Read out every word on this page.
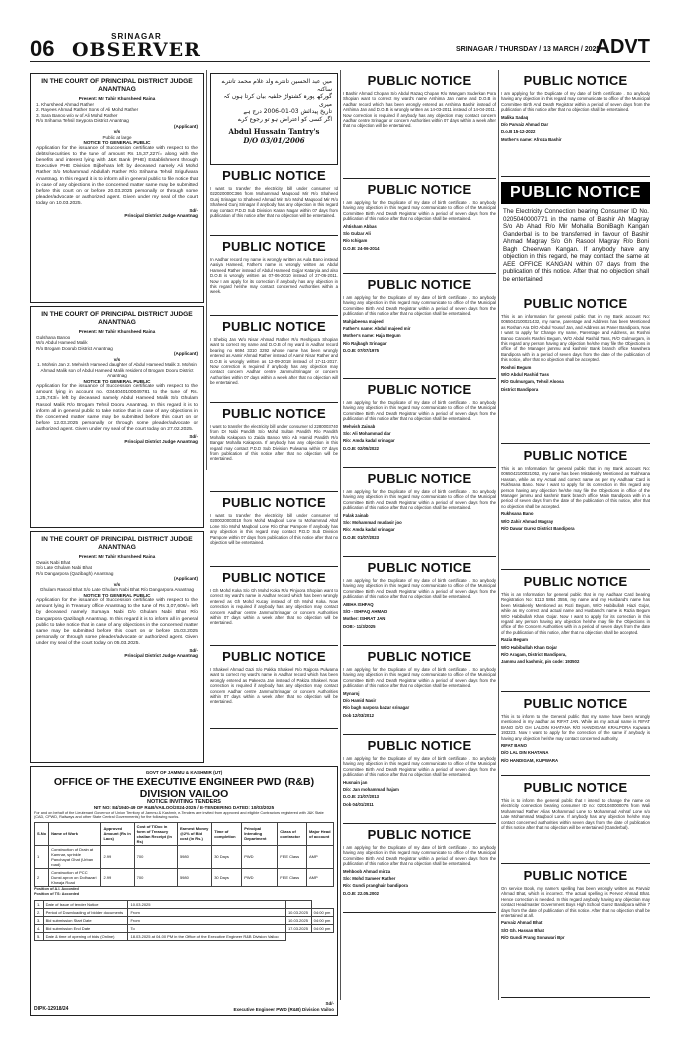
06	SRINAGAR
OBSERVER	SRINAGAR / THURSDAY / 13 MARCH / 2025
ADVT
IN THE COURT OF PRINCIPAL DISTRICT JUDGE ANANTNAG
Present: Mr Tahir Khursheed Raina
1. Khursheed Ahmad Rather
2. Rayees Ahmad Rather Sons of Ali Mohd Rather
3. Sara Banoo w/o w of Ali Mohd Rather
R/o Srihama Tehsil Seypora District Anantnag
(Applicant)
v/s
Public at large
NOTICE TO GENERAL PUBLIC
Application for the issuance of Succession certificate with respect to the debts/securities to the tune of amount Rs 15,37,227/= along with the benefits and interest lying with J&K Bank (PHE) Establishment through Executive PHE Division Bijbehara left by deceased namely Ali Mohd Rather S/o Mohammad Abdullah Rather R/o Srihama Tehsil Srigufwara Anantnag. In this regard it is to inform all in general public to file notice that in case of any objections in the concerned matter same may be submitted before this court on or before 20.03.2025 personally or through some pleader/advocate or authorized agent. Given under my seal of the court today on 10.03.2025.
Sd/-
Principal District Judge Anantnag
IN THE COURT OF PRINCIPAL DISTRICT JUDGE ANANTNAG
Present: Mr Tahir Khursheed Raina
Gulshana Banoo
W/o Abdul Hameed Malik
R/o Brogam Doorub District Anantnag
(Applicant)
v/s
1. Mohsin Jan 2. Mehvish Hameed daughter of Abdul Hameed Malik 3. Mohsin Ahmad Malik son of Abdul Hameed Malik resident of Brogam Dooru District Anantnag
NOTICE TO GENERAL PUBLIC
Application for the issuance of Succession certificate with respect to the amount lying in account no. 0344040100049781 to the tune of Rs. 1,25,743/= left by deceased namely Abdul Hameed Malik S/o Ghulam Rasool Malik R/o Brogam Tehsil Dooru Anantnag. In this regard it is to inform all in general public to take notice that in case of any objections in the concerned matter same may be submitted before this court on or before 12.03.2025 personally or through some pleader/advocate or authorized agent. Given under my seal of the court today on 27.02.2025.
Sd/-
Principal District Judge Anantnag
IN THE COURT OF PRINCIPAL DISTRICT JUDGE ANANTNAG
Present: Mr Tahir Khursheed Raina
Owais Nabi Bhat
S/o Late Ghulam Nabi Bhat
R/o Dangarpora (Qazibagh) Anantnag
(Applicant)
v/s
Ghulam Rasool Bhat S/o Late Ghulam Nabi Bhat R/o Dangarpora Anantnag
NOTICE TO GENERAL PUBLIC
Application for the issuance of Succession certificate with respect to the amount lying in Treasury office Anantnag to the tune of Rs 3,07,606/= left by deceased namely Sumaya Nabi D/o Ghulam Nabi Bhat R/o Dangarpora Qazibagh Anantnag. In this regard it is to inform all in general public to take notice that in case of any objections in the concerned matter same may be submitted before this court on or before 15.03.2025 personally or through some pleader/advocate or authorized agent. Given under my seal of the court today on 05.03.2025.
Sd/-
Principal District Judge Anantnag
میں عبد الحسین تانترے ولد غلام محمد تانترے ساکنہ
گورکھ پورہ کشتواڑ حلفیہ بیان کرتا ہوں کہ میری
تاریخ پیدائش 03-01-2006 درج ہے
اگر کسی کو اعتراض ہو تو رجوع کرے
Abdul Hussain Tantry's
D/O 03/01/2006
PUBLIC NOTICE

I want to transfer the electricity bill under consumer Id 022020000C366 from Mohammad Maqsood Mir R/o Shaheed Gunj Srinagar to Shaheed Ahmad Mir S/o Mohd Maqsood Mir R/o Shaheed Gunj Srinagar if anybody has any objection in this regard may contact P.D.D Sub Division Karan Nagar within 07 days from publication of this notice after that no objection will be entertained.

PUBLIC NOTICE

In Aadhar record my name is wrongly written as Aula Bano instead Aasiya Hameed, Father's name is wrongly written as Abdul Hameed Rather instead of Abdul Hameed Gojjar Kataryia and also D.O.B is wrongly written as 07-06-2010 instead of 27-06-2011. Now I am apply for its correction if anybody has any objection in this regard he/she may contact concerned Authorities within a week.

PUBLIC NOTICE

I Shebiq Jan W/o Nisar Ahmad Rather R/o Reshipora Shopian want to correct my name and D.O.B of my ward in Aadhar record bearing no 6694 3310 3292 whose name has been wrongly entered as Aamir Ahmad Rather instead of Aamir Nisar Rather and D.O.B is wrongly written as 12-09-2018 instead of 17-11-2017. Now correction is required if anybody has any objection may contact concern Aadhar centre Jammu/Srinagar or concern Authorities within 07 days within a week after that no objection will be entertained.

PUBLIC NOTICE

I want to transfer the electricity bill under consumer Id 2280003740 from Dr Nabi Pandith S/o Mohd Sultan Pandith R/o Pandith Mohalla Kakapora to Zaida Banoo W/o Ab Hamid Pandith R/o Bangar Mohalla Kakapora. If anybody has any objection in this regard may contact P.D.D Sub Division Pulwama within 07 days from publication of this notice after that no objection will be entertained.

PUBLIC NOTICE

I want to transfer the electricity bill under consumer Id 0200020003018 from Mohd Maqbool Lone to Mohammad Altaf Lone S/o Mohd Maqbool Lone R/o Dhar Pampore If anybody has any objection in this regard may contact P.D.D Sub Division Pampore within 07 days from publication of this notice after that no objection will be entertained.

PUBLIC NOTICE

I Gh Mohd Koka S/o Gh Mohd Koka R/o Pinjoora Shopian want to correct my ward's name in Aadhar record which has been wrongly entered as Gh Mohd Kucay instead of Gh Mohd Koka. Now correction is required if anybody has any objection may contact concern Aadhar centre Jammu/Srinagar or concern Authorities within 07 days within a week after that no objection will be entertained.

PUBLIC NOTICE

I Shakeel Ahmad Gazi S/o Pakka Shakeel R/o Rajpora Pulwama want to correct my ward's name in Aadhar record which has been wrongly entered as Pakeeza Jan instead of Pakiza Shakeel. Now correction is required if anybody has any objection may contact concern Aadhar centre Jammu/Srinagar or concern Authorities within 07 days within a week after that no objection will be entertained.

PUBLIC NOTICE

I Bashir Ahmad Chopan S/o Abdul Razaq Chopan R/o Wangam Suderkan Pora Shopian want to correct my ward's name Arshima Jan name and D.O.B in Aadhar record which has been wrongly entered as Arshima Bashir instead of Arshima Jan and D.O.B is wrongly written as 14-03-2011 instead of 14-04-2011. Now correction is required if anybody has any objection may contact concern Aadhar centre Srinagar or concern Authorities within 07 days within a week after that no objection will be entertained.

PUBLIC NOTICE

I am applying for the Duplicate of my date of birth certificate . So anybody having any objection in this regard may communicate to office of the Municipal Committee Birth And Death Registrar within a period of seven days from the publication of this notice after that no objection shall be entertained.

Ahtisham Abbas
S/o Gulzar Ali
R/o Ichigam
D.O.B: 24-06-2014
PUBLIC NOTICE

I am applying for the Duplicate of my date of birth certificate . So anybody having any objection in this regard may communicate to office of the Municipal Committee Birth And Death Registrar within a period of seven days from the publication of this notice after that no objection shall be entertained.

Mahjabeena majeed
Father's name: Abdul majeed mir
Mother's name: Haja Begum
R/o Rajbagh Srinagar
D.O.B: 07/07/1975
PUBLIC NOTICE

I am applying for the Duplicate of my date of birth certificate . So anybody having any objection in this regard may communicate to office of the Municipal Committee Birth And Death Registrar within a period of seven days from the publication of this notice after that no objection shall be entertained.

Mehvish Zainab
S/o: Ali Mohammad dar
R/o: Amda kadal srinagar
D.O.B: 02/05/2022
PUBLIC NOTICE

I am applying for the Duplicate of my date of birth certificate . So anybody having any objection in this regard may communicate to office of the Municipal Committee Birth And Death Registrar within a period of seven days from the publication of this notice after that no objection shall be entertained.

Falak zainab
S/o: Mohammad mudasir joo
R/o: Amda kadal srinagar
D.O.B: 01/07/2023
PUBLIC NOTICE

I am applying for the Duplicate of my date of birth certificate . So anybody having any objection in this regard may communicate to office of the Municipal Committee Birth And Death Registrar within a period of seven days from the publication of this notice after that no objection shall be entertained.

ABIHA ISHFAQ
S/O - ISHFAQ AHMAD
Mother: ISHRAT JAN
DOB:- 11/3/2025
PUBLIC NOTICE

I am applying for the Duplicate of my date of birth certificate . So anybody having any objection in this regard may communicate to office of the Municipal Committee Birth And Death Registrar within a period of seven days from the publication of this notice after that no objection shall be entertained.

Mynaroj
D/o Hamid Nasir
R/o bagh narpora bazar srinagar
Dob 12/03/2012
PUBLIC NOTICE

I am applying for the Duplicate of my date of birth certificate . So anybody having any objection in this regard may communicate to office of the Municipal Committee Birth And Death Registrar within a period of seven days from the publication of this notice after that no objection shall be entertained.

Husnain jan
D/o: Jan mohammad hajam
D.O.B: 21/07/2013
Dob 04/01/2011
PUBLIC NOTICE

I am applying for the Duplicate of my date of birth certificate . So anybody having any objection in this regard may communicate to office of the Municipal Committee Birth And Death Registrar within a period of seven days from the publication of this notice after that no objection shall be entertained.

Mehboob Ahmad mirza
S/o: Mohd Sameer Rather
R/o: Gundi pranghair bandipora
D.O.B: 22.05.2002
PUBLIC NOTICE

I am applying for the Duplicate of my date of birth certificate . So anybody having any objection in this regard may communicate to office of the Municipal Committee Birth And Death Registrar within a period of seven days from the publication of this notice after that no objection shall be entertained.

Malika Sadaq
D/o Parvaiz Ahmad Dar
D.o.B 15-12-2022
Mother's name: Afroza Bashir
PUBLIC NOTICE

This is an information for general public that in my Bank account No: 0065042100021432, my name, parentage and Address has been Mentioned as Roshan Ara D/O Abdul Yousuf Jan, and Address as Paner Bandipora, Now I want to apply for Change my name, Parentage and Address, as Roshni Banoo Cancels Rashni Begum, W/O Abdul Rashid Tass, R/O Gulmurgam, in this regard any person having any objection he/she may file the Objections in office of the Manager jammu and kashmir Bank branch office Nowshera Bandipora with in a period of seven days from the date of the publication of this notice, after that no objection shall be accepted.

Roshni Begum
W/O Abdul Rashid Tass
R/O Gulmurgam, Tehsil Aloosa
District Bandipora
PUBLIC NOTICE

This is an Information for general public that in my Bank account No: 0065042100021052, my name has been Mistakenly Mentioned as Rukhsana Hassan, while as my Actual and correct name as per my Aadhaar Card is Rukhsana Bano. Now I want to apply for its correction in this regard any person having any objection he/she may file the Objections in office of the Manager jammu and kashmir Bank branch office Main Bandipora with in a period of seven days from the date of the publication of this notice, after that no objection shall be accepted.

Rukhsana Bano
W/O Zahir Ahmad Magray
R/O Dawar Gurez District Bandipora
PUBLIC NOTICE

This is an Information for general public that in my Aadhaar Card bearing Registration No: 5113 5864 3556, my name and my Husband's name has been Mistakenly Mentioned as Rozi Begum, W/O Habibullah Hiazi Gojar, while as my correct and actual name and Husband's name is Razia Begum W/O Habibullah Khan Gojar. Now I want to apply for its correction in this regard any person having any objection he/she may file the Objections in office of the Concern Authorities with in a period of seven days from the date of the publication of this notice, after that no objection shall be accepted.

Razia Begum
W/O Habibullah Khan Gojar
R/O Aragam, District Bandipora,
Jammu and kashmir, pin code: 193502
PUBLIC NOTICE

This is to inform to the General public that my name have been wrongly mentioned in my aadhar as RIFAT JAN. While as my actual name is RIFAT BANO D/O GH LALDIN KHATANA R/O HANDIGAM KRALPORA Kupwara 193223. Now I want to apply for the correction of the same if anybody is having any objection he/she may contact concerned authority.

RIFAT BANO
D/O LAL DIN KHATANA
R/O HANDIGAM, KUPWARA
PUBLIC NOTICE

This is to inform the general public that I intend to change the name on electricity connection bearing consumer ID no: 0201040000076 from Wali Mohammad Rather Alias Mohammad Lone to Mohammad Ashraf Lone s/o Late Mohammad Maqbool Lone. If anybody has any objection he/she may contact concerned authorities within seven days from the date of publication of this notice after that no objection will be entertained (Ganderbal).

PUBLIC NOTICE

On service Book, my name's spelling has been wrongly written as Parvaiz Ahmad Bhat, which is incorrect. The actual spelling is Pervez Ahmad Bhat. Hence correction is needed. In this regard anybody having any objection may contact Headmaster Government Boys High School Gurez Bandipora within 7 days from the date of publication of this notice. After that no objection shall be entertained at all.

Parvaiz Ahmad Bhat
S/O Gh. Hassan Bhat
R/O Gundi Prang Sonawari Bpr
PUBLIC NOTICE
The Electricity Connection bearing Consumer ID No. 0205040000771 in the name of Bashir Ah Magray S/o Ab Ahad R/o Mir Mohalla BoniBagh Kangan Ganderbal is to be transferred in favour of Bashir Ahmad Magray S/o Gh Rasool Magray R/o Boni Bagh Cheerwan Kangan. If anybody have any objection in this regard, he may contact the same at AEE OFFICE KANGAN within 07 days from the publication of this notice. After that no objection shall be entertained
GOVT OF JAMMU & KASHMIR (UT)
OFFICE OF THE EXECUTIVE ENGINEER PWD (R&B) DIVISION VAILOO
NOTICE INVITING TENDERS
NIT NO: 84/1940-49 OF R&B/VAILOO/2024-2025 / E-TENDERING DATED: 10/03/2025
For and on behalf of the Lieutenant Governor of Union Territory of Jammu & Kashmir, e-Tenders are invited from approved and eligible Contractors registered with J&K State (CAD, CPWD, Railways and other State Central Governments) for the following works.
S.No	Name of Work	Approved Amount (Rs in Lacs)	Cost of T/Doc in form of Treasury challan Receipt (in Rs)	Earnest Money @2% of Bid cost (in Rs.)	Time of completion	Principal Intending Department	Class of contractor	Major Head of account
1	Construction of Drain at Kamnar, sprinkle Panchayat Ghat (Urban road)	2.99	700	5980	30 Days	PWD	FEE Class	AMP
2	Construction of PCC Dunst apron on Dolhazari Khwaja Road	2.99	700	5980	30 Days	PWD	FEE Class	AMP
Position of A.I. Accorded
Position of TS: Accorded
1.	Date of Issue of tender Notice	10.03.2025		
2.	Period of Downloading of bidder documents	From	10.03.2025	04:00 pm
3.	Bid submission Start Date	From	10.03.2025	04:00 pm
4.	Bid submission End Date	To	17.03.2025	04:00 pm
5.	Date & time of opening of bids (Online)	18.03.2025 at 04.00 PM in the Office of the Executive Engineer R&B Division Vailoo		
DIPK-12918/24
Sd/-
Executive Engineer PWD (R&B) Division Vailoo
